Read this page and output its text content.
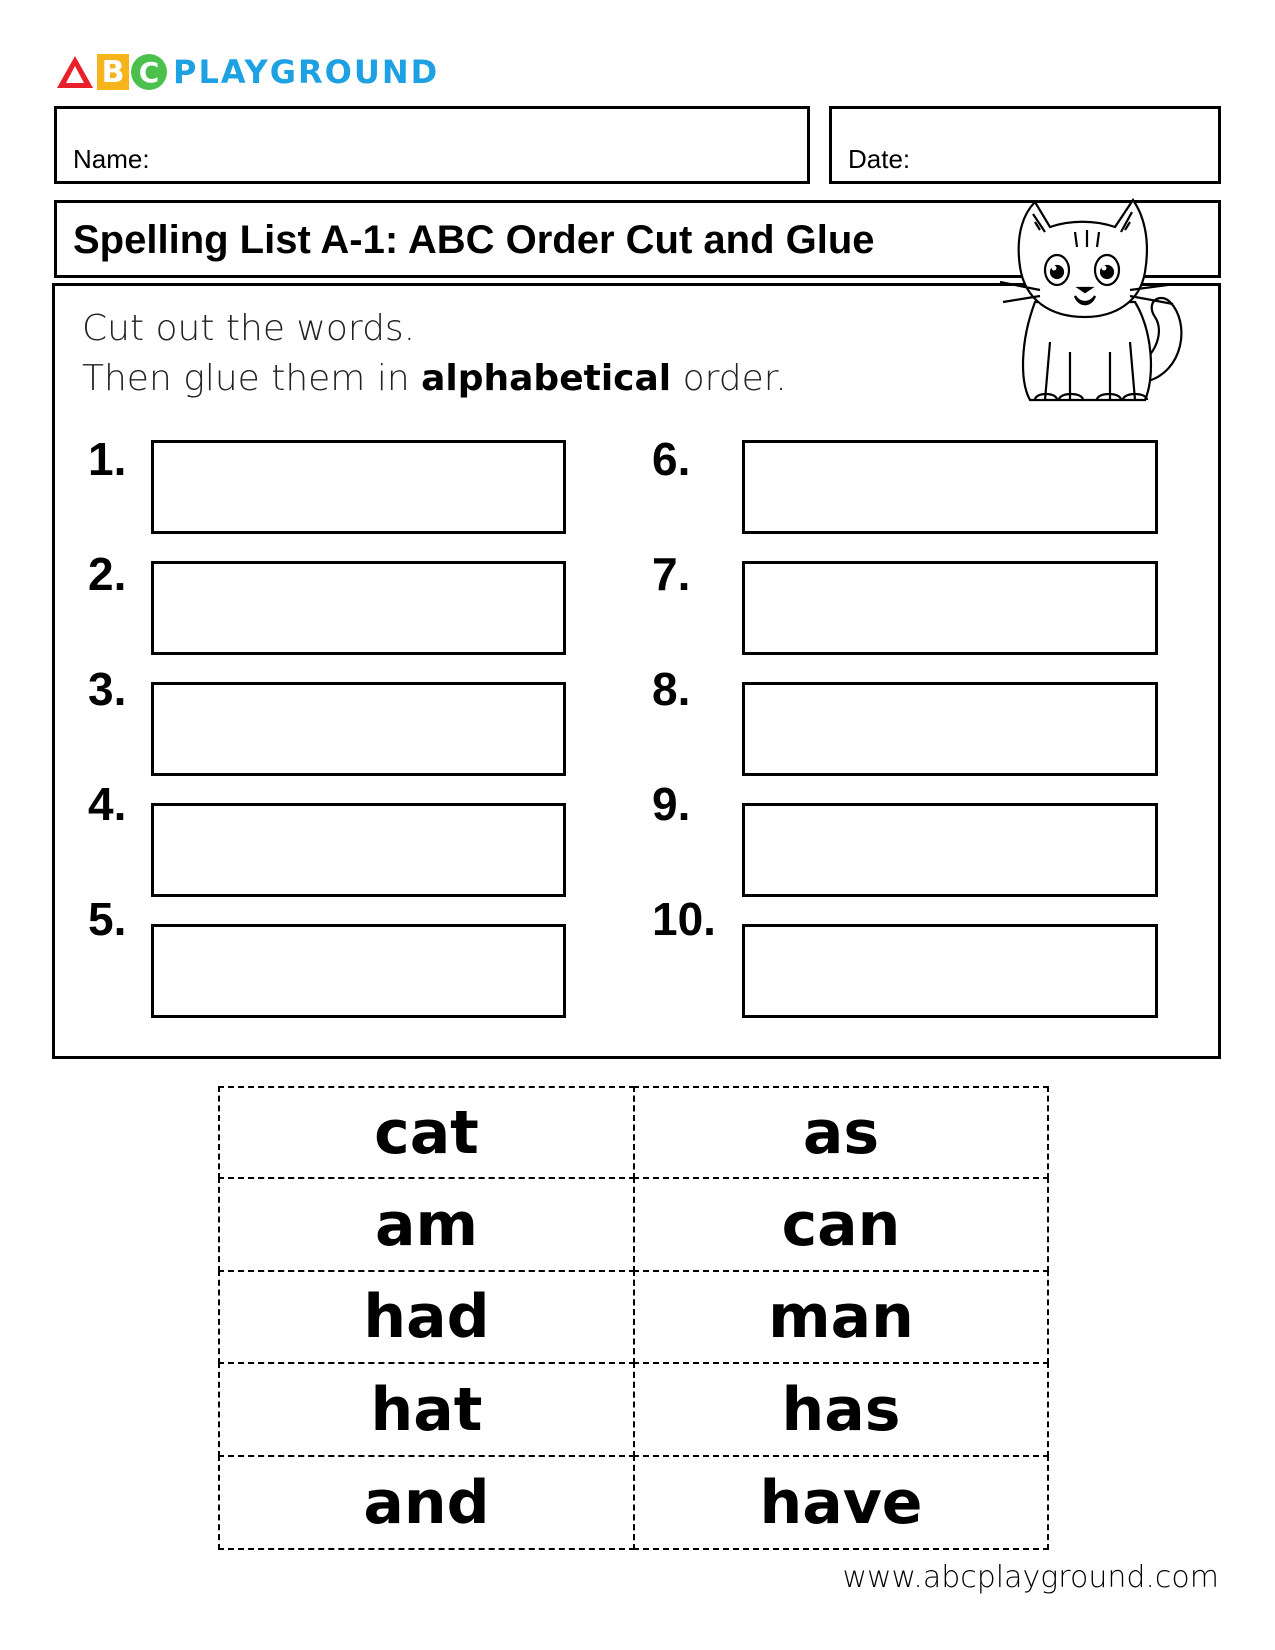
B C PLAYGROUND
Name:	Date:
Spelling List A-1: ABC Order Cut and Glue
Cut out the words.
Then glue them in alphabetical order.
1.
2.
3.
4.
5.
6.
7.
8.
9.
10.
cat	as
am	can
had	man
hat	has
and	have
www.abcplayground.com
